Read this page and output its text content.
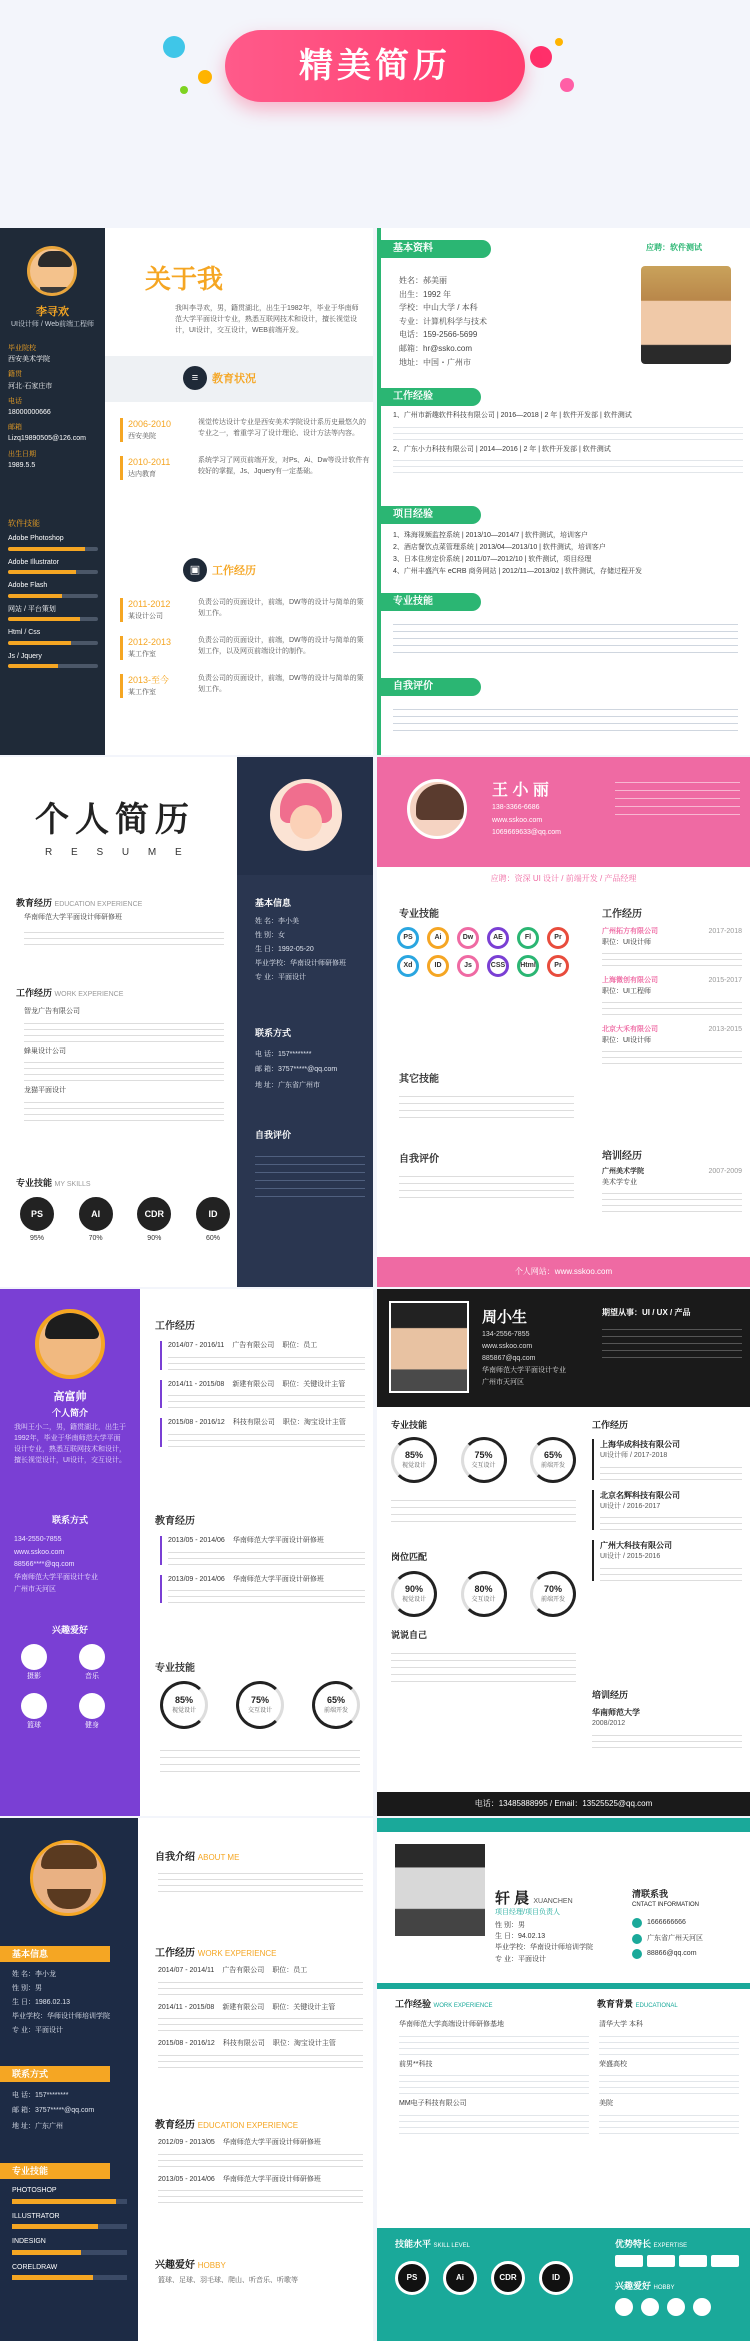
精美简历
李寻欢
UI设计师 / Web前端工程师
毕业院校
西安美术学院
籍贯
河北·石家庄市
电话
18000000666
邮箱
Lizq19890505@126.com
出生日期
1989.5.5
软件技能
Adobe Photoshop
Adobe Illustrator
Adobe Flash
网站 / 平台策划
Html / Css
Js / Jquery
关于我
我叫李寻欢，男，籍贯湖北，出生于1982年，毕业于华南师范大学平面设计专业，熟悉互联网技术和设计，擅长视觉设计，UI设计，交互设计，WEB前端开发。
≡	教育状况
2006-2010
西安美院
视觉传达设计专业是西安美术学院设计系历史最悠久的专业之一，着重学习了设计理论、设计方法等内容。
2010-2011
达内教育
系统学习了网页前端开发，对Ps、Ai、Dw等设计软件有较好的掌握，Js、Jquery有一定基础。
▣	工作经历
2011-2012
某设计公司
负责公司的页面设计，前端，DW等的设计与简单的策划工作。
2012-2013
某工作室
负责公司的页面设计，前端，DW等的设计与简单的策划工作，以及网页前端设计的制作。
2013-至今
某工作室
负责公司的页面设计，前端，DW等的设计与简单的策划工作。
基本资料	应聘：软件测试
姓名：郝美丽
出生：1992 年
学校：中山大学 / 本科
专业：计算机科学与技术
电话：159-2566-5699
邮箱：hr@ssko.com
地址：中国・广州市
工作经验
1、广州市新趣软件科技有限公司 | 2016—2018 | 2 年 | 软件开发部 | 软件测试
2、广东小力科技有限公司 | 2014—2016 | 2 年 | 软件开发部 | 软件测试
项目经验
1、珠海视频监控系统 | 2013/10—2014/7 | 软件测试，培训客户
2、酒店餐饮点菜管理系统 | 2013/04—2013/10 | 软件测试，培训客户
3、日本住房定价系统 | 2011/07—2012/10 | 软件测试，项目经理
4、广州丰盛汽车 eCRB 商务网站 | 2012/11—2013/02 | 软件测试，存储过程开发
专业技能
自我评价
个人简历
R E S U M E
基本信息
姓 名：李小美
性 别：女
生 日：1992-05-20
毕业学校：华南设计师研修班
专 业：平面设计
联系方式
电 话：157********
邮 箱：3757*****@qq.com
地 址：广东省广州市
自我评价
教育经历 EDUCATION EXPERIENCE
华南师范大学平面设计师研修班
工作经历 WORK EXPERIENCE
智龙广告有限公司
蜂巢设计公司
龙猫平面设计
专业技能 MY SKILLS
PS
95%
AI
70%
CDR
90%
ID
60%
王 小 丽
138-3366-6686
www.sskoo.com
1069669633@qq.com
应聘：资深 UI 设计 / 前端开发 / 产品经理
专业技能
PS	Ai	Dw	AE	Fl	Pr
Xd	ID	Js	CSS	Html	Pr
其它技能
自我评价
工作经历
广州拓方有限公司	2017-2018
职位：UI设计师
上海微创有限公司	2015-2017
职位：UI工程师
北京大禾有限公司	2013-2015
职位：UI设计师
培训经历
广州美术学院	2007-2009
美术学专业
个人网站：www.sskoo.com
高富帅
个人简介
我叫王小二，男，籍贯湖北，出生于1992年，毕业于华南师范大学平面设计专业，熟悉互联网技术和设计，擅长视觉设计，UI设计，交互设计。
联系方式
134-2550-7855
www.sskoo.com
88566****@qq.com
华南师范大学平面设计专业
广州市天河区
兴趣爱好
摄影	音乐
篮球	健身
工作经历
2014/07 - 2016/11 广告有限公司 职位：员工
2014/11 - 2015/08 新建有限公司 职位：关键设计主管
2015/08 - 2016/12 科技有限公司 职位：淘宝设计主管
教育经历
2013/05 - 2014/06 华南师范大学平面设计研修班
2013/09 - 2014/06 华南师范大学平面设计研修班
专业技能
85%
视觉设计
75%
交互设计
65%
前端开发
周小生
134-2556-7855
www.sskoo.com
885867@qq.com
华南师范大学平面设计专业
广州市天河区
期望从事：UI / UX / 产品
专业技能
85%
视觉设计
75%
交互设计
65%
前端开发
岗位匹配
90%
视觉设计
80%
交互设计
70%
前端开发
说说自己
工作经历
上海华成科技有限公司
UI设计师 / 2017-2018
北京名辉科技有限公司
UI设计 / 2016-2017
广州大科技有限公司
UI设计 / 2015-2016
培训经历
华南师范大学
2008/2012
电话：13485888995 / Email：13525525@qq.com
基本信息
姓 名：李小龙
性 别：男
生 日：1986.02.13
毕业学校：华师设计师培训学院
专 业：平面设计
联系方式
电 话：157********
邮 箱：3757*****@qq.com
地 址：广东广州
专业技能
PHOTOSHOP
ILLUSTRATOR
INDESIGN
CORELDRAW
自我介绍 ABOUT ME
工作经历 WORK EXPERIENCE
2014/07 - 2014/11 广告有限公司 职位：员工
2014/11 - 2015/08 新建有限公司 职位：关键设计主管
2015/08 - 2016/12 科技有限公司 职位：淘宝设计主管
教育经历 EDUCATION EXPERIENCE
2012/09 - 2013/05 华南师范大学平面设计师研修班
2013/05 - 2014/06 华南师范大学平面设计师研修班
兴趣爱好 HOBBY
篮球、足球、羽毛球、爬山、听音乐、听歌等
轩 晨 XUANCHEN
项目经理/项目负责人
性 别：男
生 日：94.02.13
毕业学校：华南设计师培训学院
专 业：平面设计
清联系我
CNTACT INFORMATION
1666666666
广东省广州天河区
88866@qq.com
工作经验 WORK EXPERIENCE
华南师范大学高端设计师研修基地
前男**科技
MM电子科技有限公司
教育背景 EDUCATIONAL
清华大学 本科
荣盛高校
美院
技能水平 SKILL LEVEL
PS	Ai	CDR	ID
优势特长 EXPERTISE
兴趣爱好 HOBBY
